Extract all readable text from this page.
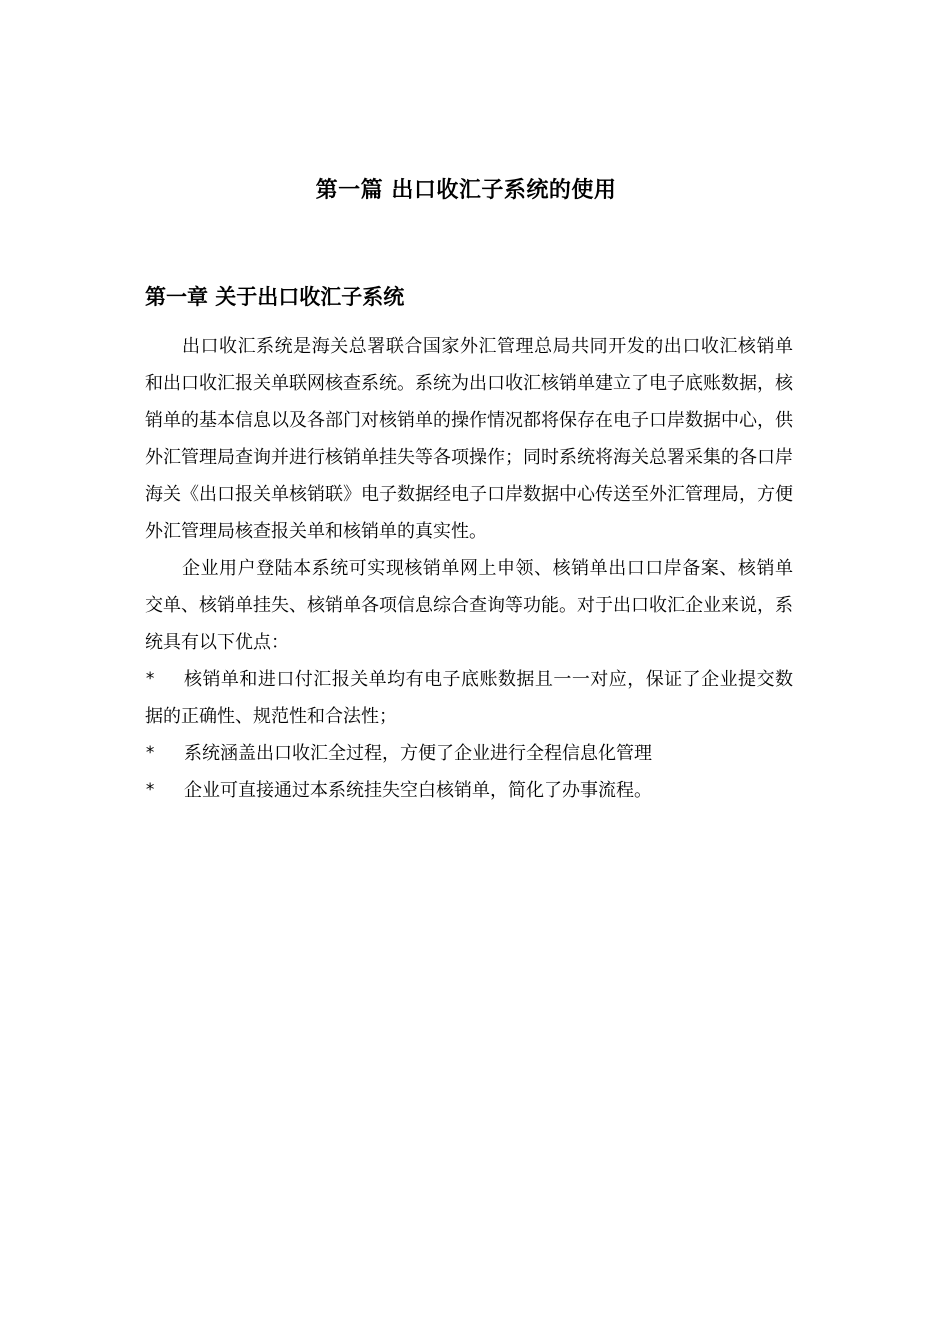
第一篇 出口收汇子系统的使用
第一章 关于出口收汇子系统

出口收汇系统是海关总署联合国家外汇管理总局共同开发的出口收汇核销单和出口收汇报关单联网核查系统。系统为出口收汇核销单建立了电子底账数据，核销单的基本信息以及各部门对核销单的操作情况都将保存在电子口岸数据中心，供外汇管理局查询并进行核销单挂失等各项操作；同时系统将海关总署采集的各口岸海关《出口报关单核销联》电子数据经电子口岸数据中心传送至外汇管理局，方便外汇管理局核查报关单和核销单的真实性。

企业用户登陆本系统可实现核销单网上申领、核销单出口口岸备案、核销单交单、核销单挂失、核销单各项信息综合查询等功能。对于出口收汇企业来说，系统具有以下优点：

* 核销单和进口付汇报关单均有电子底账数据且一一对应，保证了企业提交数据的正确性、规范性和合法性；

* 系统涵盖出口收汇全过程，方便了企业进行全程信息化管理

* 企业可直接通过本系统挂失空白核销单，简化了办事流程。
